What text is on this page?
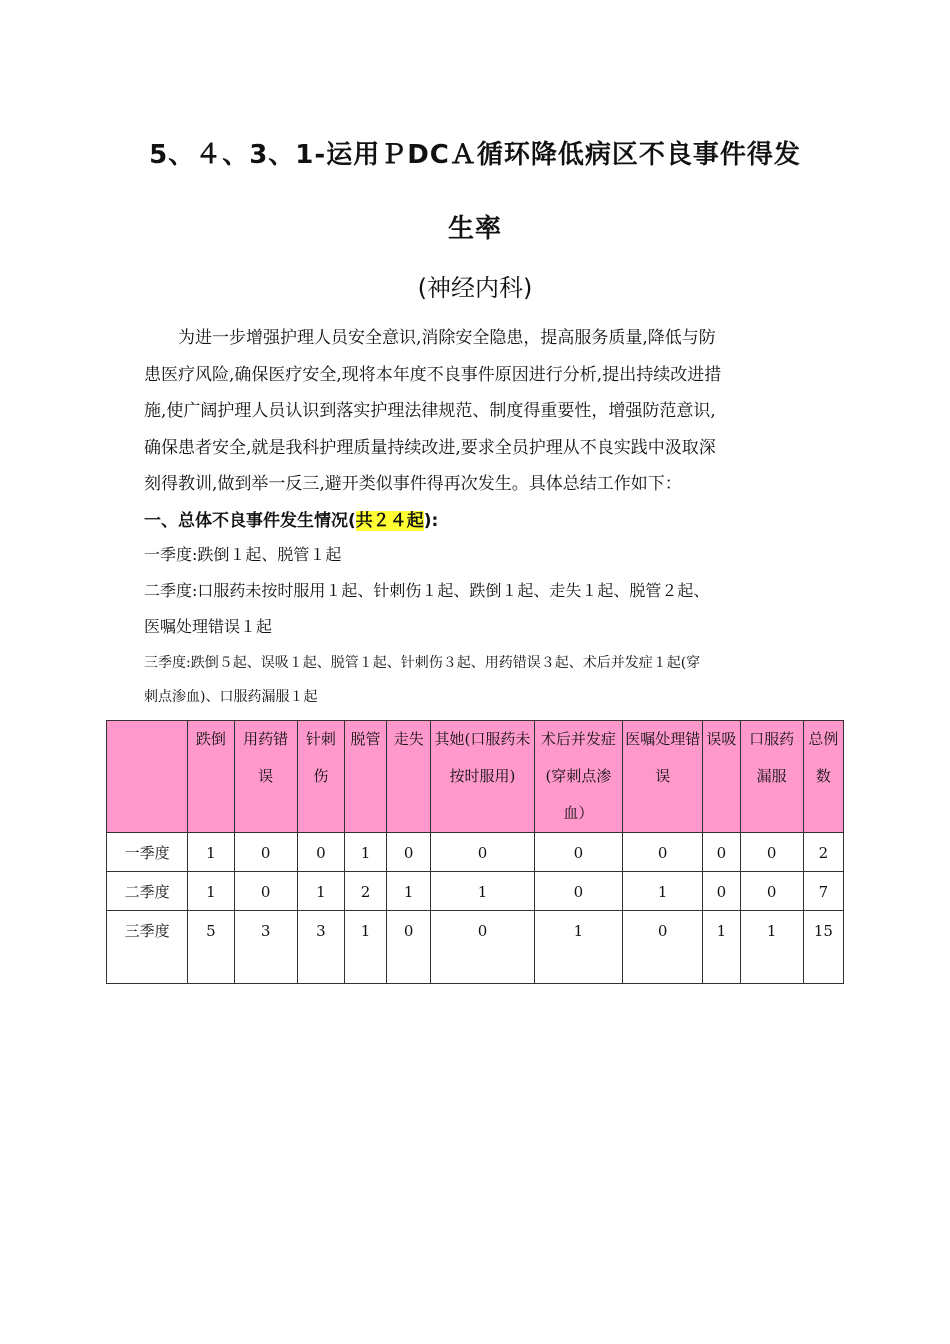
5、４、3、1-运用ＰDCＡ循环降低病区不良事件得发
生率
(神经内科)

为进一步增强护理人员安全意识,消除安全隐患，提高服务质量,降低与防
患医疗风险,确保医疗安全,现将本年度不良事件原因进行分析,提出持续改进措
施,使广阔护理人员认识到落实护理法律规范、制度得重要性，增强防范意识,
确保患者安全,就是我科护理质量持续改进,要求全员护理从不良实践中汲取深
刻得教训,做到举一反三,避开类似事件得再次发生。具体总结工作如下：

一、总体不良事件发生情况(共２４起):
一季度:跌倒１起、脱管１起
二季度:口服药未按时服用１起、针刺伤１起、跌倒１起、走失１起、脱管２起、
医嘱处理错误１起
三季度:跌倒５起、误吸１起、脱管１起、针刺伤３起、用药错误３起、术后并发症１起(穿
刺点渗血)、口服药漏服１起
	跌倒	用药错误	针刺伤	脱管	走失	其她(口服药未按时服用)	术后并发症(穿刺点渗血）	医嘱处理错误	误吸	口服药漏服	总例数
一季度	1	0	0	1	0	0	0	0	0	0	2
二季度	1	0	1	2	1	1	0	1	0	0	7
三季度	5	3	3	1	0	0	1	0	1	1	15
